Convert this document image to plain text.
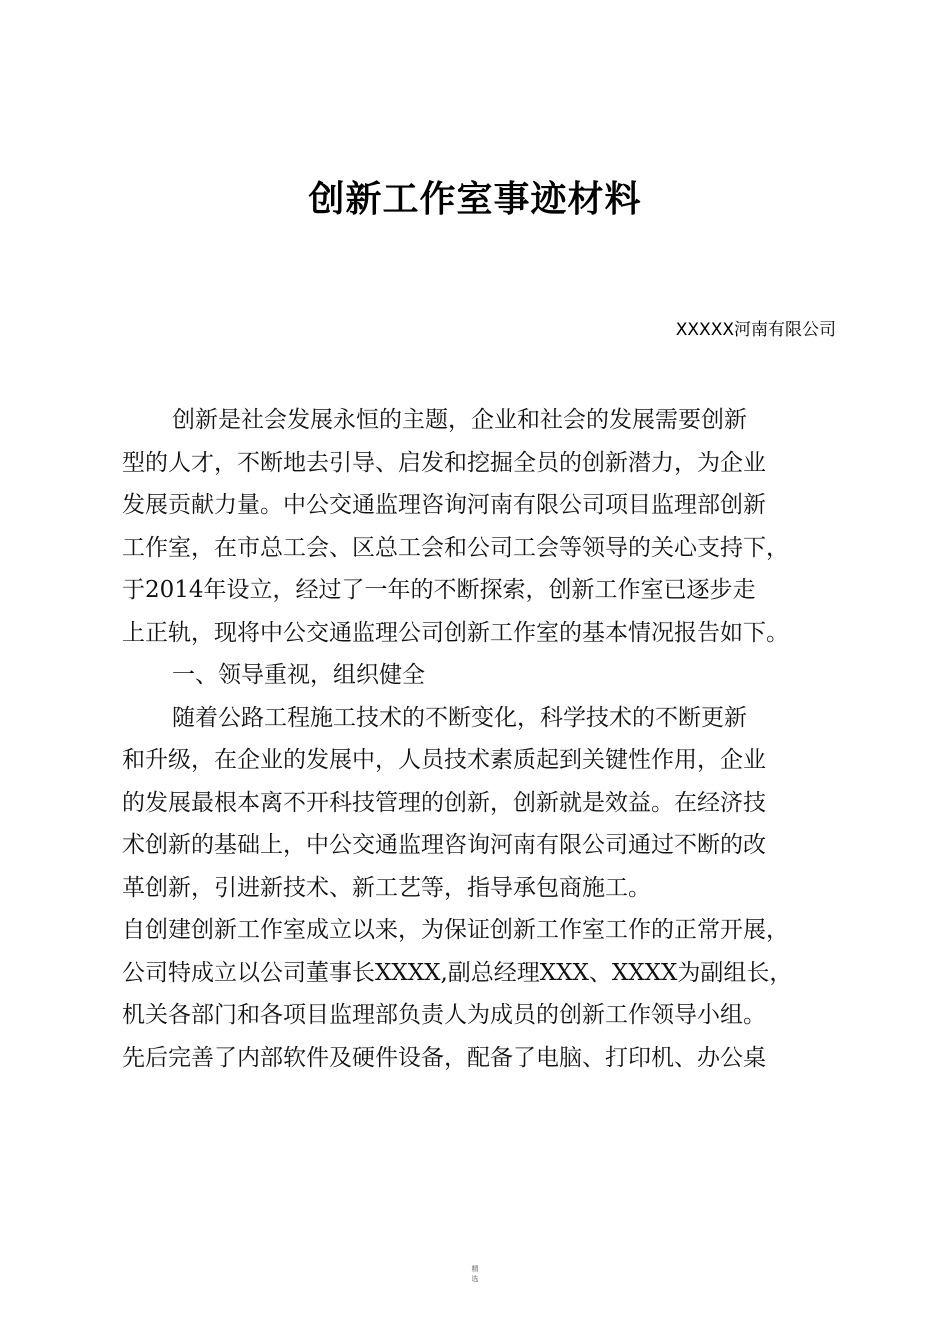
创新工作室事迹材料
XXXXX河南有限公司
创新是社会发展永恒的主题，企业和社会的发展需要创新
型的人才，不断地去引导、启发和挖掘全员的创新潜力，为企业
发展贡献力量。中公交通监理咨询河南有限公司项目监理部创新
工作室，在市总工会、区总工会和公司工会等领导的关心支持下，
于2014年设立，经过了一年的不断探索，创新工作室已逐步走
上正轨，现将中公交通监理公司创新工作室的基本情况报告如下。
一、领导重视，组织健全
随着公路工程施工技术的不断变化，科学技术的不断更新
和升级，在企业的发展中，人员技术素质起到关键性作用，企业
的发展最根本离不开科技管理的创新，创新就是效益。在经济技
术创新的基础上，中公交通监理咨询河南有限公司通过不断的改
革创新，引进新技术、新工艺等，指导承包商施工。
自创建创新工作室成立以来，为保证创新工作室工作的正常开展，
公司特成立以公司董事长XXXX,副总经理XXX、XXXX为副组长，
机关各部门和各项目监理部负责人为成员的创新工作领导小组。
先后完善了内部软件及硬件设备，配备了电脑、打印机、办公桌
精
选
